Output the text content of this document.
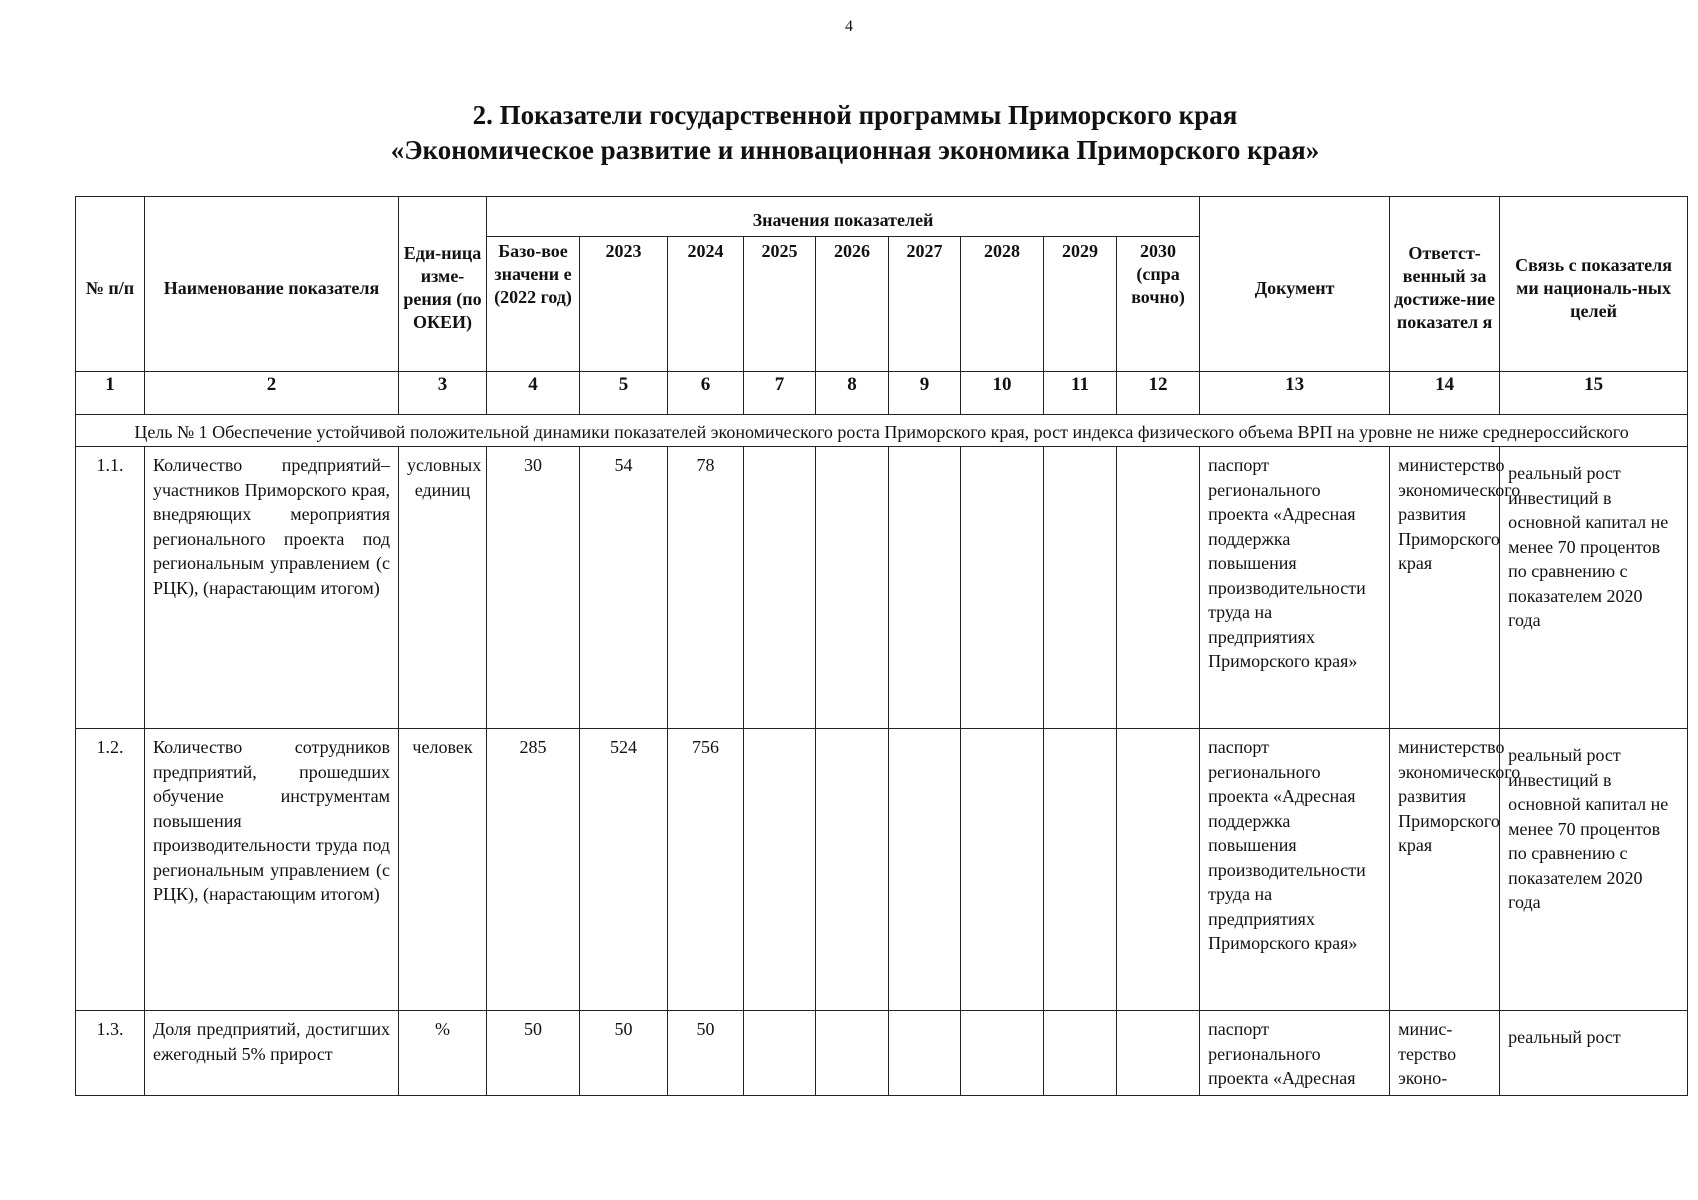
4
2. Показатели государственной программы Приморского края
«Экономическое развитие и инновационная экономика Приморского края»
№ п/п	Наименование показателя	Еди-ница изме-рения (по ОКЕИ)	Значения показателей									Документ	Ответст-венный за достиже-ние показател я	Связь с показателя ми националь-ных целей
			Базо-вое значени е (2022 год)	2023	2024	2025	2026	2027	2028	2029	2030 (спра вочно)			
1	2	3	4	5	6	7	8	9	10	11	12	13	14	15
Цель № 1 Обеспечение устойчивой положительной динамики показателей экономического роста Приморского края, рост индекса физического объема ВРП на уровне не ниже среднероссийского														
1.1.	Количество предприятий–участников Приморского края, внедряющих мероприятия регионального проекта под региональным управлением (с РЦК), (нарастающим итогом)	условных единиц	30	54	78							паспорт регионального проекта «Адресная поддержка повышения производительности труда на предприятиях Приморского края»	министерство экономического развития Приморского края	реальный рост инвестиций в основной капитал не менее 70 процентов по сравнению с показателем 2020 года
1.2.	Количество сотрудников предприятий, прошедших обучение инструментам повышения производительности труда под региональным управлением (с РЦК), (нарастающим итогом)	человек	285	524	756							паспорт регионального проекта «Адресная поддержка повышения производительности труда на предприятиях Приморского края»	министерство экономического развития Приморского края	реальный рост инвестиций в основной капитал не менее 70 процентов по сравнению с показателем 2020 года
1.3.	Доля предприятий, достигших ежегодный 5% прирост	%	50	50	50							паспорт регионального проекта «Адресная	минис-терство эконо-	реальный рост
